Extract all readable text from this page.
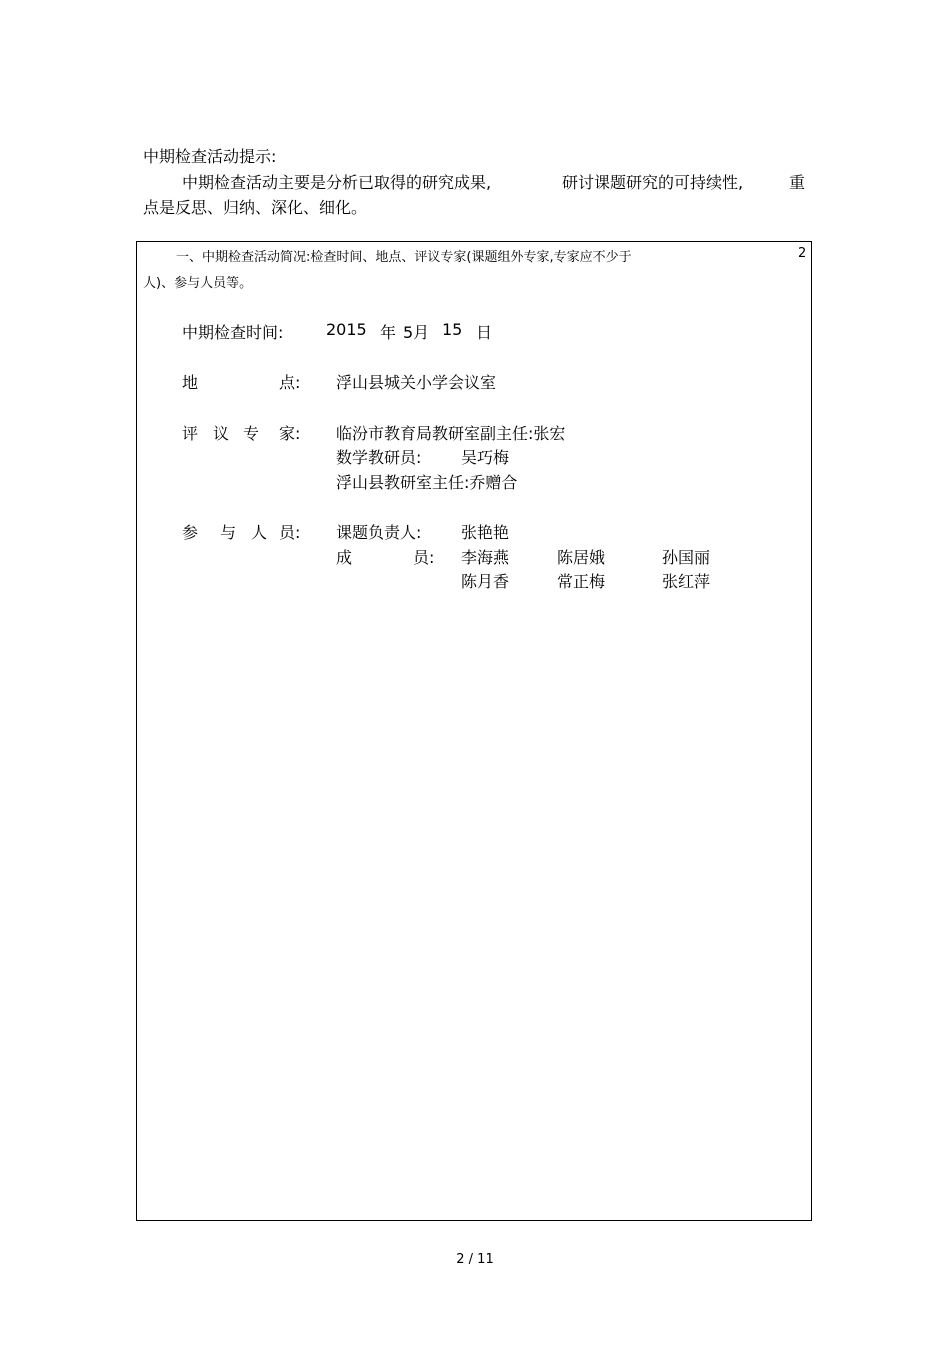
中期检查活动提示:
中期检查活动主要是分析已取得的研究成果,	研讨课题研究的可持续性,	重
点是反思、归纳、深化、细化。
一、中期检查活动简况:检查时间、地点、评议专家(课题组外专家,专家应不少于	2
人)、参与人员等。
中期检查时间:	2015 年 5月 15 日
地	点: 浮山县城关小学会议室
评 议 专 家: 临汾市教育局教研室副主任:张宏
数学教研员: 吴巧梅
浮山县教研室主任:乔赠合
参 与 人 员: 课题负责人: 张艳艳
成	员: 李海燕	陈居娥	孙国丽
陈月香	常正梅	张红萍
2 / 11
